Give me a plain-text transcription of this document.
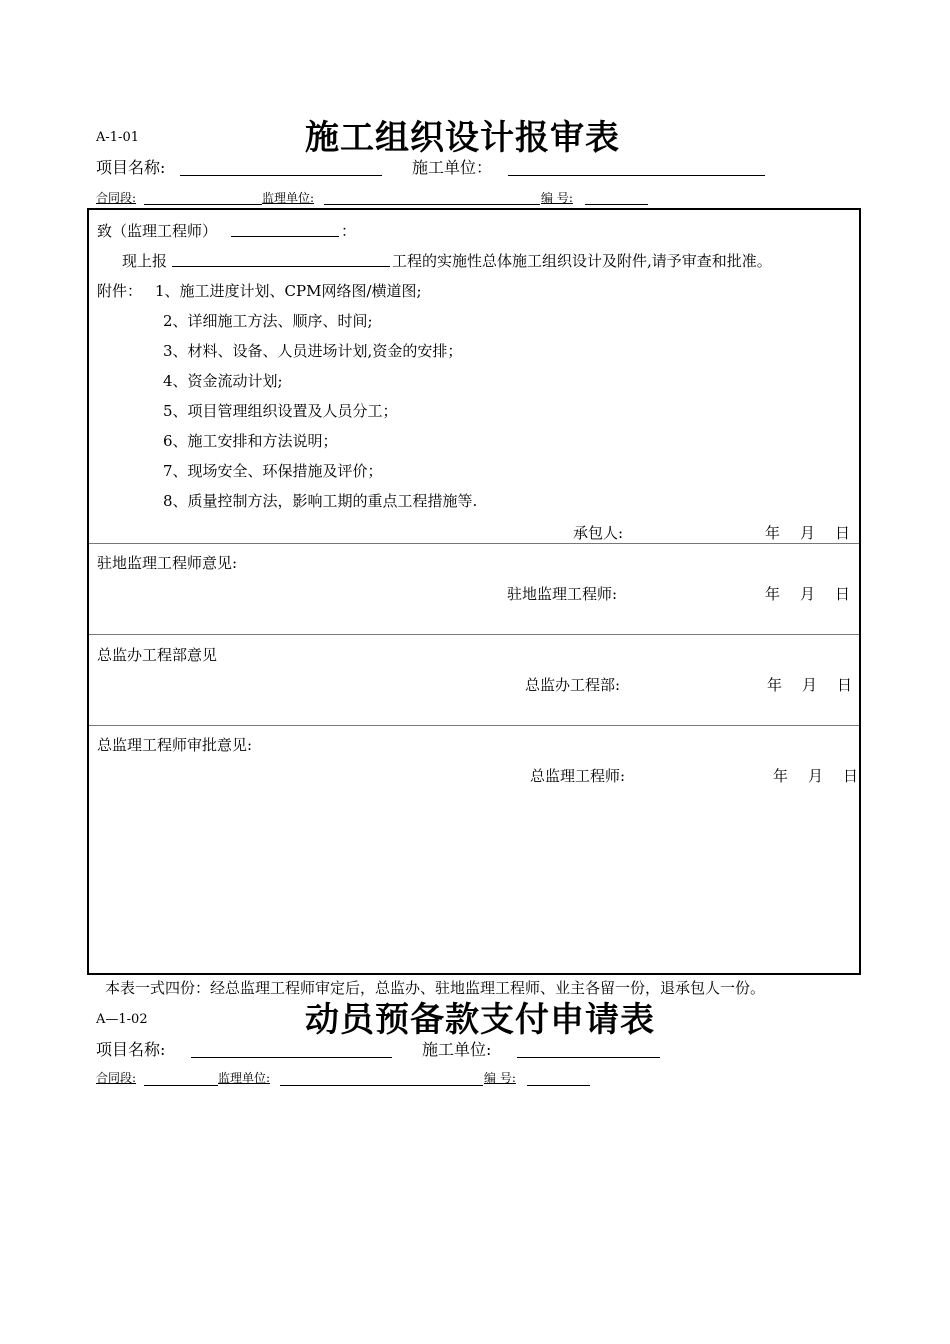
A-1-01	施工组织设计报审表
项目名称:	施工单位：
合同段:	监理单位:	编 号:
致（监理工程师）	：
现上报	工程的实施性总体施工组织设计及附件,请予审查和批准。
附件： 1、施工进度计划、CPM网络图/横道图;
2、详细施工方法、顺序、时间;
3、材料、设备、人员进场计划,资金的安排；
4、资金流动计划;
5、项目管理组织设置及人员分工；
6、施工安排和方法说明；
7、现场安全、环保措施及评价；
8、质量控制方法，影响工期的重点工程措施等.
承包人:	年 月 日
驻地监理工程师意见:
驻地监理工程师:	年 月 日
总监办工程部意见
总监办工程部:	年 月 日
总监理工程师审批意见:
总监理工程师:	年 月 日
本表一式四份：经总监理工程师审定后，总监办、驻地监理工程师、业主各留一份，退承包人一份。
A—1-02	动员预备款支付申请表
项目名称:	施工单位:
合同段:	监理单位:	编 号:
